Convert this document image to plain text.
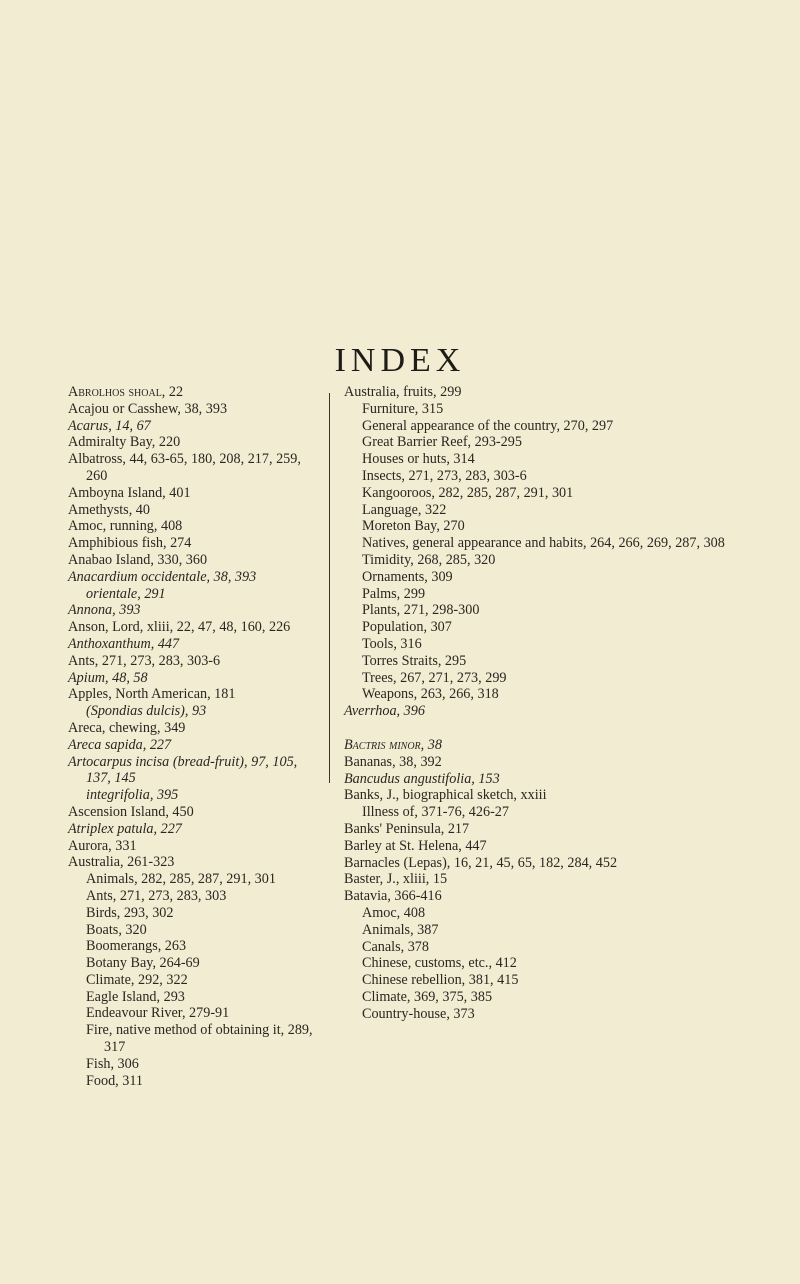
INDEX
Abrolhos shoal, 22
Acajou or Casshew, 38, 393
Acarus, 14, 67
Admiralty Bay, 220
Albatross, 44, 63-65, 180, 208, 217, 259, 260
Amboyna Island, 401
Amethysts, 40
Amoc, running, 408
Amphibious fish, 274
Anabao Island, 330, 360
Anacardium occidentale, 38, 393
orientale, 291
Annona, 393
Anson, Lord, xliii, 22, 47, 48, 160, 226
Anthoxanthum, 447
Ants, 271, 273, 283, 303-6
Apium, 48, 58
Apples, North American, 181
(Spondias dulcis), 93
Areca, chewing, 349
Areca sapida, 227
Artocarpus incisa (bread-fruit), 97, 105, 137, 145
integrifolia, 395
Ascension Island, 450
Atriplex patula, 227
Aurora, 331
Australia, 261-323
Animals, 282, 285, 287, 291, 301
Ants, 271, 273, 283, 303
Birds, 293, 302
Boats, 320
Boomerangs, 263
Botany Bay, 264-69
Climate, 292, 322
Eagle Island, 293
Endeavour River, 279-91
Fire, native method of obtaining it, 289, 317
Fish, 306
Food, 311
Australia, fruits, 299
Furniture, 315
General appearance of the country, 270, 297
Great Barrier Reef, 293-295
Houses or huts, 314
Insects, 271, 273, 283, 303-6
Kangooroos, 282, 285, 287, 291, 301
Language, 322
Moreton Bay, 270
Natives, general appearance and habits, 264, 266, 269, 287, 308
Timidity, 268, 285, 320
Ornaments, 309
Palms, 299
Plants, 271, 298-300
Population, 307
Tools, 316
Torres Straits, 295
Trees, 267, 271, 273, 299
Weapons, 263, 266, 318
Averrhoa, 396
Bactris minor, 38
Bananas, 38, 392
Bancudus angustifolia, 153
Banks, J., biographical sketch, xxiii
Illness of, 371-76, 426-27
Banks' Peninsula, 217
Barley at St. Helena, 447
Barnacles (Lepas), 16, 21, 45, 65, 182, 284, 452
Baster, J., xliii, 15
Batavia, 366-416
Amoc, 408
Animals, 387
Canals, 378
Chinese, customs, etc., 412
Chinese rebellion, 381, 415
Climate, 369, 375, 385
Country-house, 373
